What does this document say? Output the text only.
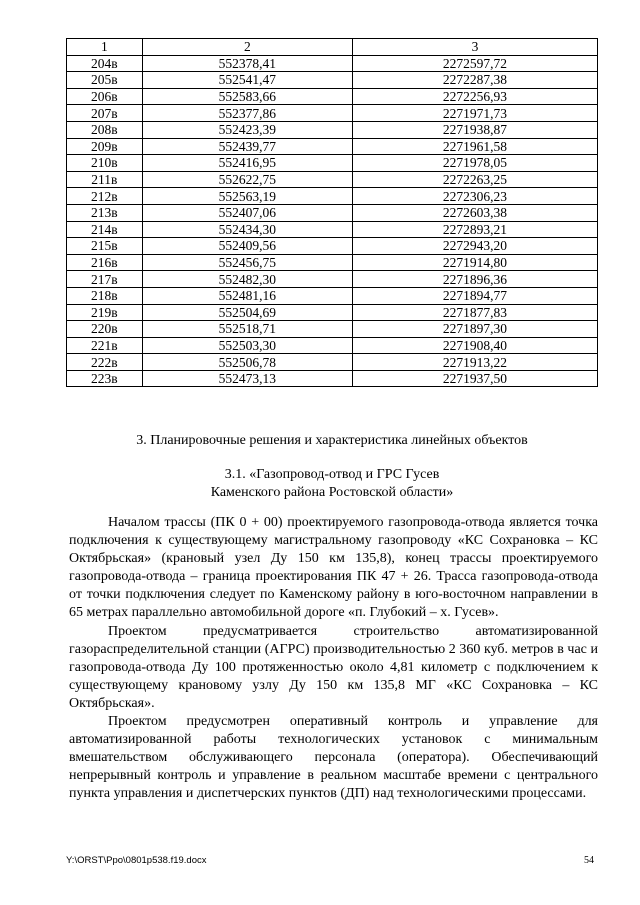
1	2	3
204в	552378,41	2272597,72
205в	552541,47	2272287,38
206в	552583,66	2272256,93
207в	552377,86	2271971,73
208в	552423,39	2271938,87
209в	552439,77	2271961,58
210в	552416,95	2271978,05
211в	552622,75	2272263,25
212в	552563,19	2272306,23
213в	552407,06	2272603,38
214в	552434,30	2272893,21
215в	552409,56	2272943,20
216в	552456,75	2271914,80
217в	552482,30	2271896,36
218в	552481,16	2271894,77
219в	552504,69	2271877,83
220в	552518,71	2271897,30
221в	552503,30	2271908,40
222в	552506,78	2271913,22
223в	552473,13	2271937,50
3. Планировочные решения и характеристика линейных объектов
3.1. «Газопровод-отвод и ГРС Гусев
Каменского района Ростовской области»

Началом трассы (ПК 0 + 00) проектируемого газопровода-отвода является точка подключения к существующему магистральному газопроводу «КС Сохрановка – КС Октябрьская» (крановый узел Ду 150 км 135,8), конец трассы проектируемого газопровода-отвода – граница проектирования ПК 47 + 26. Трасса газопровода-отвода от точки подключения следует по Каменскому району в юго-восточном направлении в 65 метрах параллельно автомобильной дороге «п. Глубокий – х. Гусев».

Проектом предусматривается строительство автоматизированной газораспределительной станции (АГРС) производительностью 2 360 куб. метров в час и газопровода-отвода Ду 100 протяженностью около 4,81 километр с подключением к существующему крановому узлу Ду 150 км 135,8 МГ «КС Сохрановка – КС Октябрьская».

Проектом предусмотрен оперативный контроль и управление для автоматизированной работы технологических установок с минимальным вмешательством обслуживающего персонала (оператора). Обеспечивающий непрерывный контроль и управление в реальном масштабе времени с центрального пункта управления и диспетчерских пунктов (ДП) над технологическими процессами.

Y:\ORST\Ppo\0801p538.f19.docx	54
